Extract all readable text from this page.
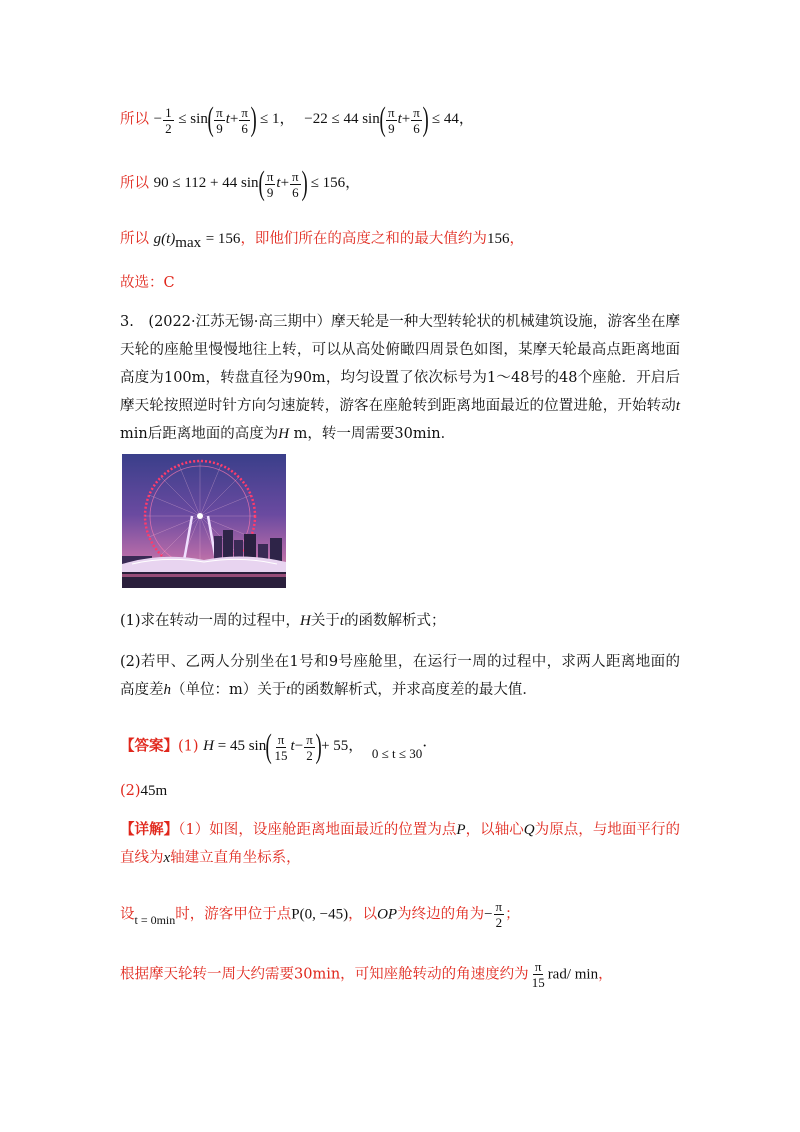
所以 − $\frac{1}{2} \le \sin( \frac{\pi}{9} t+ \frac{\pi}{6}$ ) ≤ 1， −22 ≤ 44 $\sin( \frac{\pi}{9} t+ \frac{\pi}{6}$ ) ≤ 44，
所以 90 ≤ 112 + 44 $\sin( \frac{\pi}{9} t+ \frac{\pi}{6}$ ) ≤ 156，
所以 $g(t)_{max} = 156$，即他们所在的高度之和的最大值约为156，
故选：C
3.　(2022·江苏无锡·高三期中）摩天轮是一种大型转轮状的机械建筑设施，游客坐在摩天轮的座舱里慢慢地往上转，可以从高处俯瞰四周景色如图，某摩天轮最高点距离地面高度为100m，转盘直径为90m，均匀设置了依次标号为1～48号的48个座舱．开启后摩天轮按照逆时针方向匀速旋转，游客在座舱转到距离地面最近的位置进舱，开始转动t min后距离地面的高度为H m，转一周需要30min．
(1)求在转动一周的过程中，H关于t的函数解析式；
(2)若甲、乙两人分别坐在1号和9号座舱里，在运行一周的过程中，求两人距离地面的高度差h（单位：m）关于t的函数解析式，并求高度差的最大值．
【答案】(1) H = 45 $\sin( \frac{\pi}{15} t- \frac{\pi}{2}$ )+ 55， 0 ≤ t ≤ 30．
(2)45m
【详解】（1）如图，设座舱距离地面最近的位置为点P，以轴心Q为原点，与地面平行的直线为x轴建立直角坐标系，
设$_{t = 0min}$时，游客甲位于点P(0, −45)，以OP为终边的角为− $\frac{\pi}{2}$ ；
根据摩天轮转一周大约需要30min，可知座舱转动的角速度约为 $\frac{\pi}{15} rad/$ min，
